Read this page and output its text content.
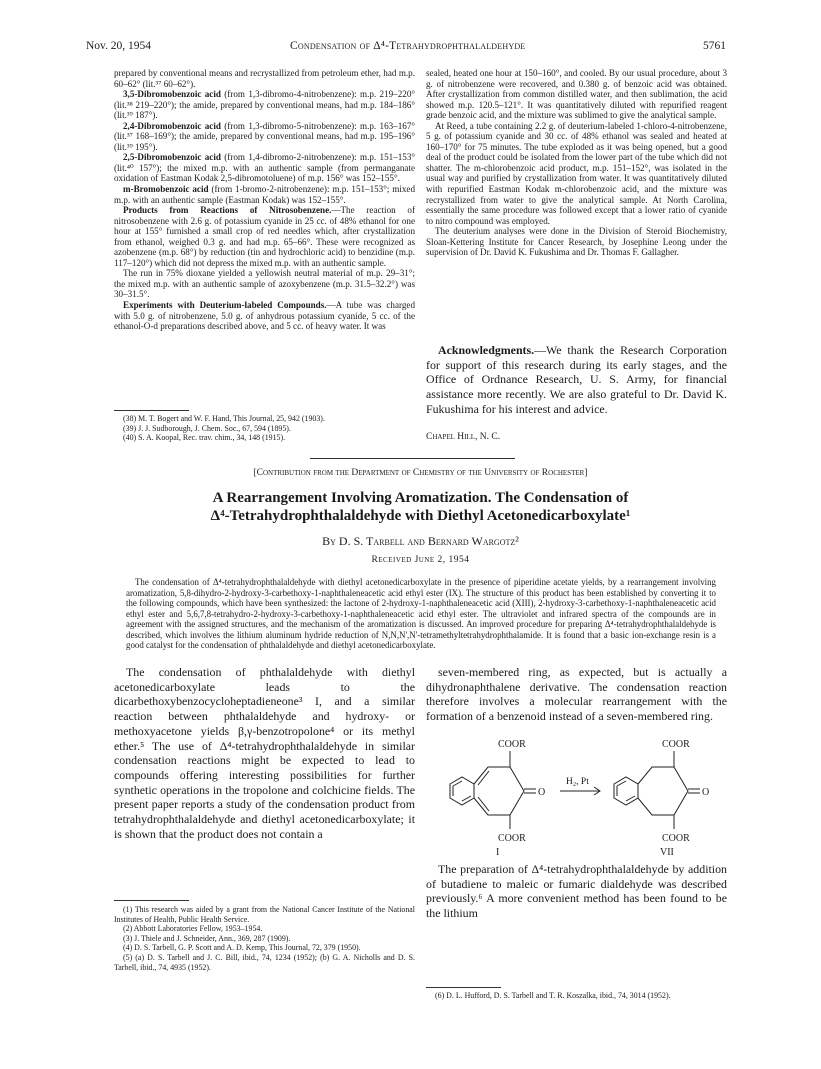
Nov. 20, 1954	Condensation of Δ⁴-Tetrahydrophthalaldehyde	5761

prepared by conventional means and recrystallized from petroleum ether, had m.p. 60–62° (lit.³⁷ 60–62°).

3,5-Dibromobenzoic acid (from 1,3-dibromo-4-nitrobenzene): m.p. 219–220° (lit.³⁸ 219–220°); the amide, prepared by conventional means, had m.p. 184–186° (lit.³⁹ 187°).

2,4-Dibromobenzoic acid (from 1,3-dibromo-5-nitrobenzene): m.p. 163–167° (lit.³⁷ 168–169°); the amide, prepared by conventional means, had m.p. 195–196° (lit.³⁹ 195°).

2,5-Dibromobenzoic acid (from 1,4-dibromo-2-nitrobenzene): m.p. 151–153° (lit.⁴⁰ 157°); the mixed m.p. with an authentic sample (from permanganate oxidation of Eastman Kodak 2,5-dibromotoluene) of m.p. 156° was 152–155°.

m-Bromobenzoic acid (from 1-bromo-2-nitrobenzene): m.p. 151–153°; mixed m.p. with an authentic sample (Eastman Kodak) was 152–155°.

Products from Reactions of Nitrosobenzene.—The reaction of nitrosobenzene with 2.6 g. of potassium cyanide in 25 cc. of 48% ethanol for one hour at 155° furnished a small crop of red needles which, after crystallization from ethanol, weighed 0.3 g. and had m.p. 65–66°. These were recognized as azobenzene (m.p. 68°) by reduction (tin and hydrochloric acid) to benzidine (m.p. 117–120°) which did not depress the mixed m.p. with an authentic sample.

The run in 75% dioxane yielded a yellowish neutral material of m.p. 29–31°; the mixed m.p. with an authentic sample of azoxybenzene (m.p. 31.5–32.2°) was 30–31.5°.

Experiments with Deuterium-labeled Compounds.—A tube was charged with 5.0 g. of nitrobenzene, 5.0 g. of anhydrous potassium cyanide, 5 cc. of the ethanol-O-d preparations described above, and 5 cc. of heavy water. It was

(38) M. T. Bogert and W. F. Hand, This Journal, 25, 942 (1903).

(39) J. J. Sudborough, J. Chem. Soc., 67, 594 (1895).

(40) S. A. Koopal, Rec. trav. chim., 34, 148 (1915).

sealed, heated one hour at 150–160°, and cooled. By our usual procedure, about 3 g. of nitrobenzene were recovered, and 0.380 g. of benzoic acid was obtained. After crystallization from common distilled water, and then sublimation, the acid showed m.p. 120.5–121°. It was quantitatively diluted with repurified reagent grade benzoic acid, and the mixture was sublimed to give the analytical sample.

At Reed, a tube containing 2.2 g. of deuterium-labeled 1-chloro-4-nitrobenzene, 5 g. of potassium cyanide and 30 cc. of 48% ethanol was sealed and heated at 160–170° for 75 minutes. The tube exploded as it was being opened, but a good deal of the product could be isolated from the lower part of the tube which did not shatter. The m-chlorobenzoic acid product, m.p. 151–152°, was isolated in the usual way and purified by crystallization from water. It was quantitatively diluted with repurified Eastman Kodak m-chlorobenzoic acid, and the mixture was recrystallized from water to give the analytical sample. At North Carolina, essentially the same procedure was followed except that a lower ratio of cyanide to nitro compound was employed.

The deuterium analyses were done in the Division of Steroid Biochemistry, Sloan-Kettering Institute for Cancer Research, by Josephine Leong under the supervision of Dr. David K. Fukushima and Dr. Thomas F. Gallagher.

Acknowledgments.—We thank the Research Corporation for support of this research during its early stages, and the Office of Ordnance Research, U. S. Army, for financial assistance more recently. We are also grateful to Dr. David K. Fukushima for his interest and advice.

Chapel Hill, N. C.
[Contribution from the Department of Chemistry of the University of Rochester]
A Rearrangement Involving Aromatization. The Condensation of
Δ⁴-Tetrahydrophthalaldehyde with Diethyl Acetonedicarboxylate¹
By D. S. Tarbell and Bernard Wargotz²
Received June 2, 1954

The condensation of Δ⁴-tetrahydrophthalaldehyde with diethyl acetonedicarboxylate in the presence of piperidine acetate yields, by a rearrangement involving aromatization, 5,8-dihydro-2-hydroxy-3-carbethoxy-1-naphthaleneacetic acid ethyl ester (IX). The structure of this product has been established by converting it to the following compounds, which have been synthesized: the lactone of 2-hydroxy-1-naphthaleneacetic acid (XIII), 2-hydroxy-3-carbethoxy-1-naphthaleneacetic acid ethyl ester and 5,6,7,8-tetrahydro-2-hydroxy-3-carbethoxy-1-naphthaleneacetic acid ethyl ester. The ultraviolet and infrared spectra of the compounds are in agreement with the assigned structures, and the mechanism of the aromatization is discussed. An improved procedure for preparing Δ⁴-tetrahydrophthalaldehyde is described, which involves the lithium aluminum hydride reduction of N,N,N',N'-tetramethyltetrahydrophthalamide. It is found that a basic ion-exchange resin is a good catalyst for the condensation of phthalaldehyde and diethyl acetonedicarboxylate.

The condensation of phthalaldehyde with diethyl acetonedicarboxylate leads to the dicarbethoxybenzocycloheptadieneone³ I, and a similar reaction between phthalaldehyde and hydroxy- or methoxyacetone yields β,γ-benzotropolone⁴ or its methyl ether.⁵ The use of Δ⁴-tetrahydrophthalaldehyde in similar condensation reactions might be expected to lead to compounds offering interesting possibilities for further synthetic operations in the tropolone and colchicine fields. The present paper reports a study of the condensation product from tetrahydrophthalaldehyde and diethyl acetonedicarboxylate; it is shown that the product does not contain a

(1) This research was aided by a grant from the National Cancer Institute of the National Institutes of Health, Public Health Service.

(2) Abbott Laboratories Fellow, 1953–1954.

(3) J. Thiele and J. Schneider, Ann., 369, 287 (1909).

(4) D. S. Tarbell, G. P. Scott and A. D. Kemp, This Journal, 72, 379 (1950).

(5) (a) D. S. Tarbell and J. C. Bill, ibid., 74, 1234 (1952); (b) G. A. Nicholls and D. S. Tarbell, ibid., 74, 4935 (1952).

seven-membered ring, as expected, but is actually a dihydronaphthalene derivative. The condensation reaction therefore involves a molecular rearrangement with the formation of a benzenoid instead of a seven-membered ring.

COOR
COOR
O
H₂, Pt
COOR
COOR
O
I	VII

The preparation of Δ⁴-tetrahydrophthalaldehyde by addition of butadiene to maleic or fumaric dialdehyde was described previously.⁶ A more convenient method has been found to be the lithium

(6) D. L. Hufford, D. S. Tarbell and T. R. Koszalka, ibid., 74, 3014 (1952).
